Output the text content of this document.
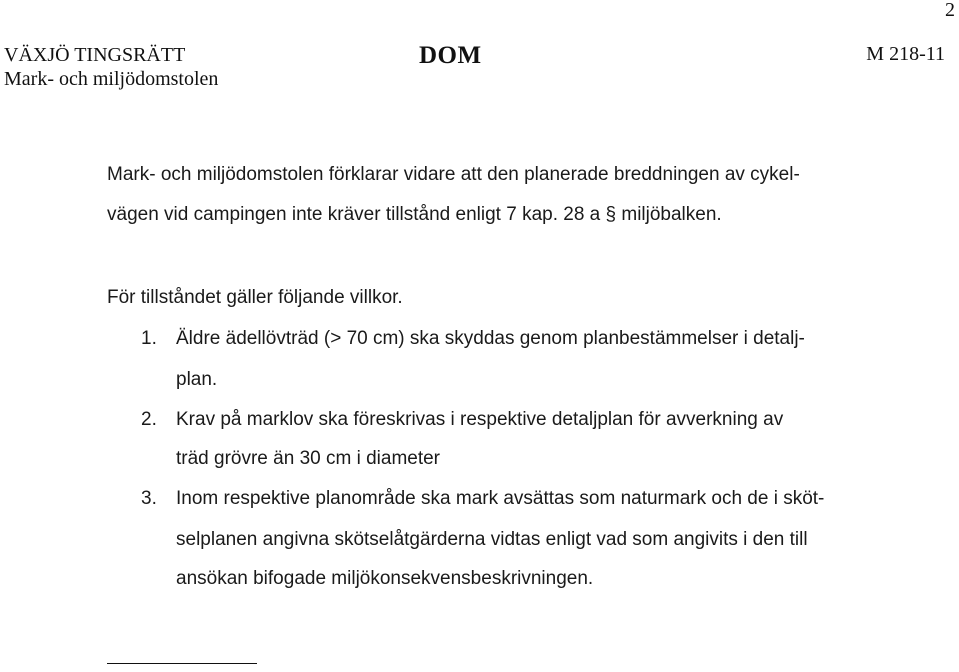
2
VÄXJÖ TINGSRÄTT
Mark- och miljödomstolen
DOM	M 218-11
Mark- och miljödomstolen förklarar vidare att den planerade breddningen av cykel-
vägen vid campingen inte kräver tillstånd enligt 7 kap. 28 a § miljöbalken.
För tillståndet gäller följande villkor.
1. Äldre ädellövträd (> 70 cm) ska skyddas genom planbestämmelser i detalj-
plan.
2. Krav på marklov ska föreskrivas i respektive detaljplan för avverkning av
träd grövre än 30 cm i diameter
3. Inom respektive planområde ska mark avsättas som naturmark och de i sköt-
selplanen angivna skötselåtgärderna vidtas enligt vad som angivits i den till
ansökan bifogade miljökonsekvensbeskrivningen.
